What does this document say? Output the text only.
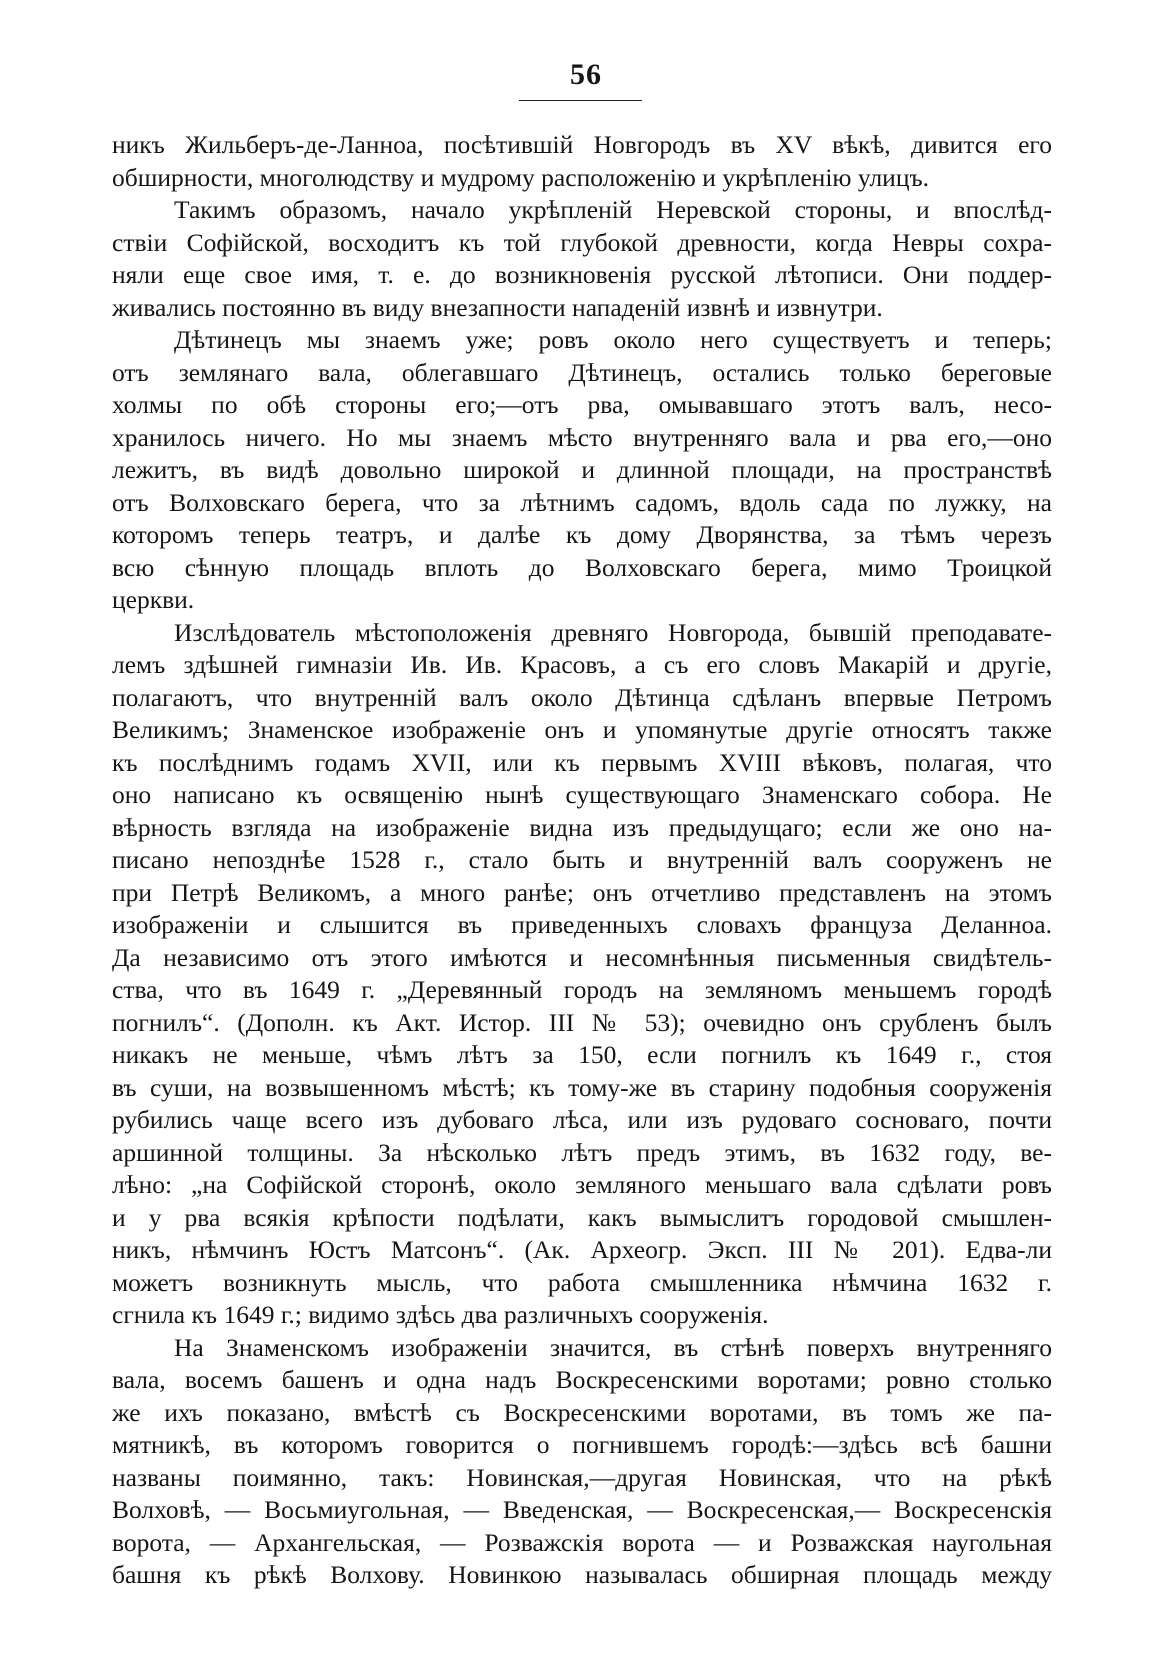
56
никъ Жильберъ-де-Ланноа, посѣтившій Новгородъ въ XV вѣкѣ, дивится его
обширности, многолюдству и мудрому расположенію и укрѣпленію улицъ.
Такимъ образомъ, начало укрѣпленій Неревской стороны, и впослѣд-
ствіи Софійской, восходитъ къ той глубокой древности, когда Невры сохра-
няли еще свое имя, т. е. до возникновенія русской лѣтописи. Они поддер-
живались постоянно въ виду внезапности нападеній извнѣ и извнутри.
Дѣтинецъ мы знаемъ уже; ровъ около него существуетъ и теперь;
отъ землянаго вала, облегавшаго Дѣтинецъ, остались только береговые
холмы по обѣ стороны его;—отъ рва, омывавшаго этотъ валъ, несо-
хранилось ничего. Но мы знаемъ мѣсто внутренняго вала и рва его,—оно
лежитъ, въ видѣ довольно широкой и длинной площади, на пространствѣ
отъ Волховскаго берега, что за лѣтнимъ садомъ, вдоль сада по лужку, на
которомъ теперь театръ, и далѣе къ дому Дворянства, за тѣмъ черезъ
всю сѣнную площадь вплоть до Волховскаго берега, мимо Троицкой
церкви.
Изслѣдователь мѣстоположенія древняго Новгорода, бывшій преподавате-
лемъ здѣшней гимназіи Ив. Ив. Красовъ, а съ его словъ Макарій и другіе,
полагаютъ, что внутренній валъ около Дѣтинца сдѣланъ впервые Петромъ
Великимъ; Знаменское изображеніе онъ и упомянутые другіе относятъ также
къ послѣднимъ годамъ XVII, или къ первымъ XVIII вѣковъ, полагая, что
оно написано къ освященію нынѣ существующаго Знаменскаго собора. Не
вѣрность взгляда на изображеніе видна изъ предыдущаго; если же оно на-
писано непозднѣе 1528 г., стало быть и внутренній валъ сооруженъ не
при Петрѣ Великомъ, а много ранѣе; онъ отчетливо представленъ на этомъ
изображеніи и слышится въ приведенныхъ словахъ француза Деланноа.
Да независимо отъ этого имѣются и несомнѣнныя письменныя свидѣтель-
ства, что въ 1649 г. „Деревянный городъ на земляномъ меньшемъ городѣ
погнилъ“. (Дополн. къ Акт. Истор. III № 53); очевидно онъ срубленъ былъ
никакъ не меньше, чѣмъ лѣтъ за 150, если погнилъ къ 1649 г., стоя
въ суши, на возвышенномъ мѣстѣ; къ тому-же въ старину подобныя сооруженія
рубились чаще всего изъ дубоваго лѣса, или изъ рудоваго сосноваго, почти
аршинной толщины. За нѣсколько лѣтъ предъ этимъ, въ 1632 году, ве-
лѣно: „на Софійской сторонѣ, около земляного меньшаго вала сдѣлати ровъ
и у рва всякія крѣпости подѣлати, какъ вымыслитъ городовой смышлен-
никъ, нѣмчинъ Юстъ Матсонъ“. (Ак. Археогр. Эксп. III № 201). Едва-ли
можетъ возникнуть мысль, что работа смышленника нѣмчина 1632 г.
сгнила къ 1649 г.; видимо здѣсь два различныхъ сооруженія.
На Знаменскомъ изображеніи значится, въ стѣнѣ поверхъ внутренняго
вала, восемъ башенъ и одна надъ Воскресенскими воротами; ровно столько
же ихъ показано, вмѣстѣ съ Воскресенскими воротами, въ томъ же па-
мятникѣ, въ которомъ говорится о погнившемъ городѣ:—здѣсь всѣ башни
названы поимянно, такъ: Новинская,—другая Новинская, что на рѣкѣ
Волховѣ, — Восьмиугольная, — Введенская, — Воскресенская,— Воскресенскія
ворота, — Архангельская, — Розважскія ворота — и Розважская наугольная
башня къ рѣкѣ Волхову. Новинкою называлась обширная площадь между
